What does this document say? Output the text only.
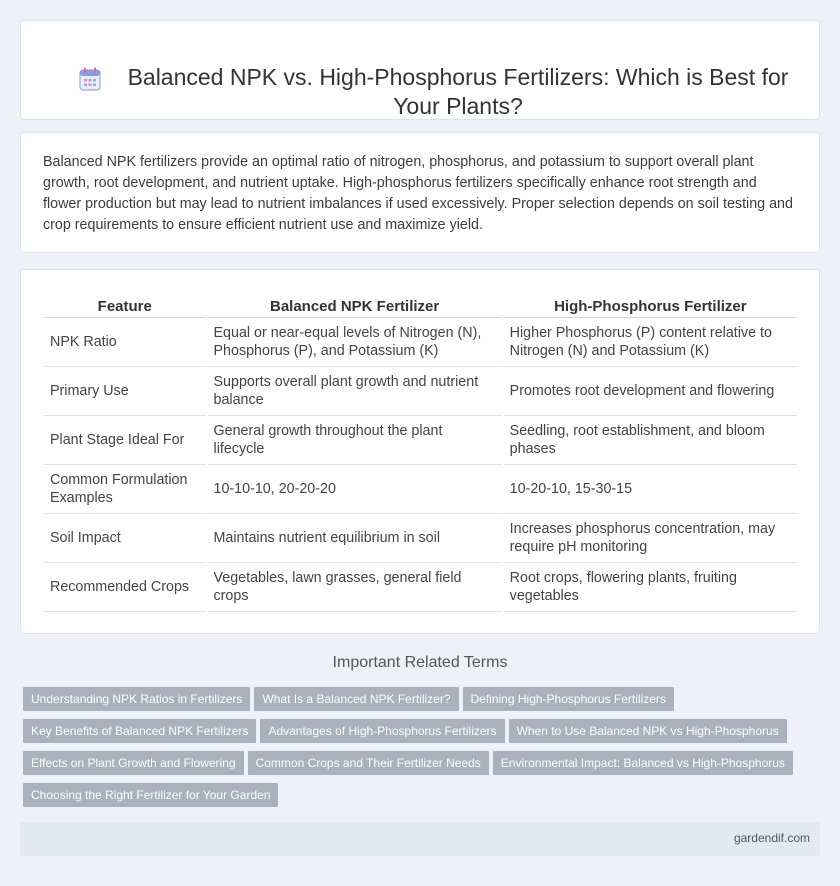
Balanced NPK vs. High-Phosphorus Fertilizers: Which is Best for Your Plants?

Balanced NPK fertilizers provide an optimal ratio of nitrogen, phosphorus, and potassium to support overall plant growth, root development, and nutrient uptake. High-phosphorus fertilizers specifically enhance root strength and flower production but may lead to nutrient imbalances if used excessively. Proper selection depends on soil testing and crop requirements to ensure efficient nutrient use and maximize yield.

Feature	Balanced NPK Fertilizer	High-Phosphorus Fertilizer
NPK Ratio	Equal or near-equal levels of Nitrogen (N), Phosphorus (P), and Potassium (K)	Higher Phosphorus (P) content relative to Nitrogen (N) and Potassium (K)
Primary Use	Supports overall plant growth and nutrient balance	Promotes root development and flowering
Plant Stage Ideal For	General growth throughout the plant lifecycle	Seedling, root establishment, and bloom phases
Common Formulation Examples	10-10-10, 20-20-20	10-20-10, 15-30-15
Soil Impact	Maintains nutrient equilibrium in soil	Increases phosphorus concentration, may require pH monitoring
Recommended Crops	Vegetables, lawn grasses, general field crops	Root crops, flowering plants, fruiting vegetables
Important Related Terms
Understanding NPK Ratios in Fertilizers What Is a Balanced NPK Fertilizer? Defining High-Phosphorus Fertilizers
Key Benefits of Balanced NPK Fertilizers Advantages of High-Phosphorus Fertilizers When to Use Balanced NPK vs High-Phosphorus
Effects on Plant Growth and Flowering Common Crops and Their Fertilizer Needs Environmental Impact: Balanced vs High-Phosphorus
Choosing the Right Fertilizer for Your Garden
gardendif.com
